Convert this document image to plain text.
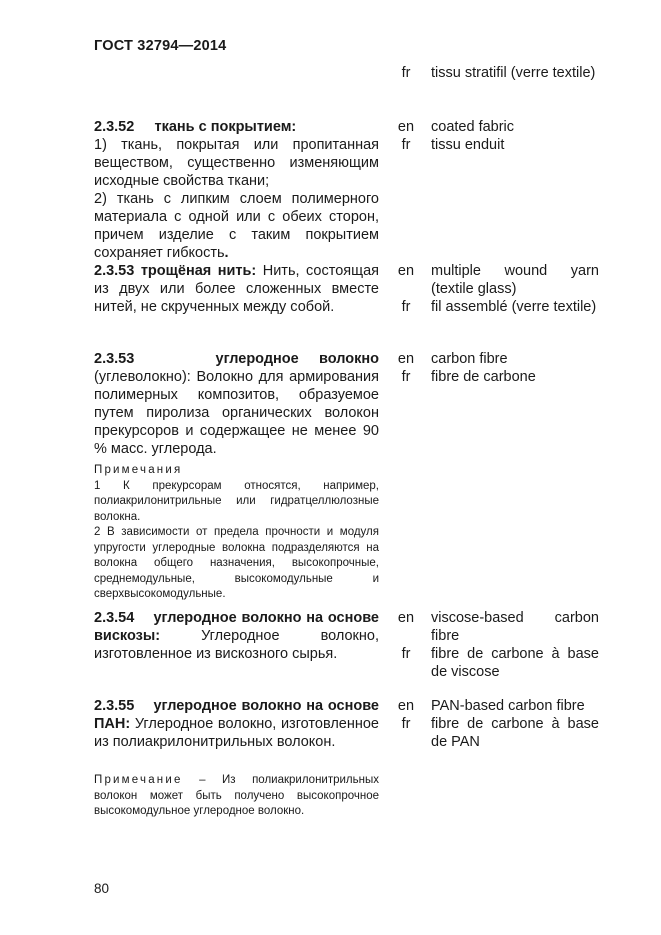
ГОСТ 32794—2014
fr	tissu stratifil (verre textile)
2.3.52 ткань с покрытием:
1) ткань, покрытая или пропитанная веществом, существенно изменяющим исходные свойства ткани;
2) ткань с липким слоем полимерного материала с одной или с обеих сторон, причем изделие с таким покрытием сохраняет гибкость.
en coated fabric
fr	tissu enduit
2.3.53 трощёная нить: Нить, состоящая из двух или более сложенных вместе нитей, не скрученных между собой.
en multiple wound yarn (textile glass)
fr	fil assemblé (verre textile)
2.3.53	углеродное волокно (углеволокно): Волокно для армирования полимерных композитов, образуемое путем пиролиза органических волокон прекурсоров и содержащее не менее 90 % масс. углерода.
en carbon fibre
fr	fibre de carbone
Примечания
1 К прекурсорам относятся, например, полиакрилонитрильные или гидратцеллюлозные волокна.
2 В зависимости от предела прочности и модуля упругости углеродные волокна подразделяются на волокна общего назначения, высокопрочные, среднемодульные, высокомодульные и сверхвысокомодульные.
2.3.54 углеродное волокно на основе вискозы:	Углеродное волокно, изготовленное из вискозного сырья.
en viscose-based carbon fibre
fr	fibre de carbone à base de viscose
2.3.55 углеродное волокно на основе ПАН: Углеродное волокно, изготовленное из полиакрилонитрильных волокон.
en PAN-based carbon fibre
fr	fibre de carbone à base de PAN
Примечание – Из полиакрилонитрильных волокон может быть получено высокопрочное высокомодульное углеродное волокно.
80
